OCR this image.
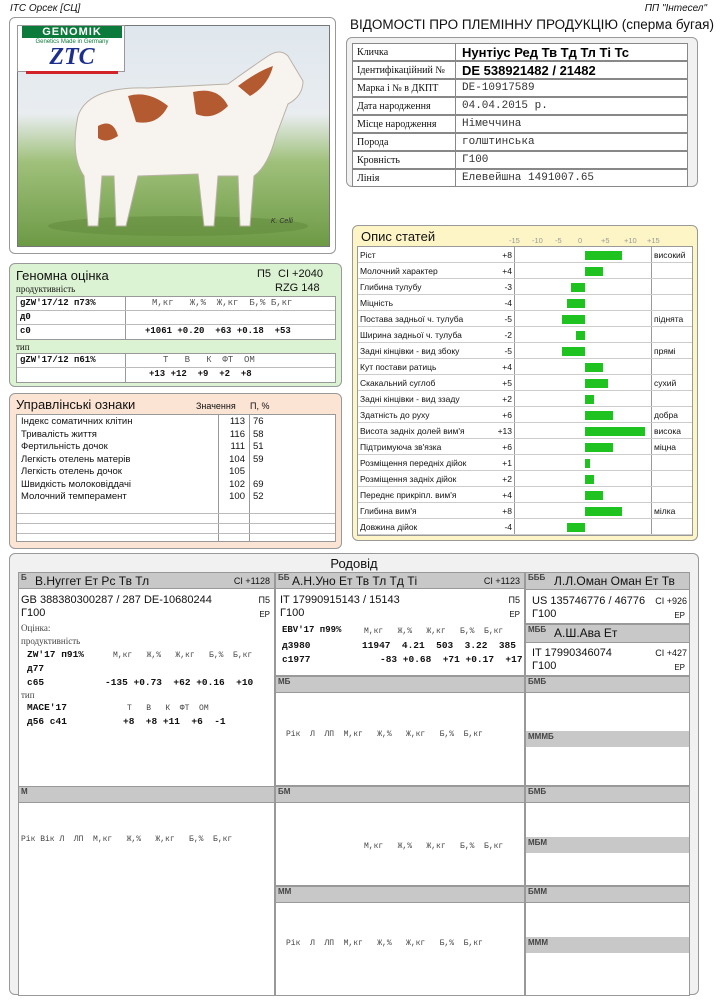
ІТС Орсек [СЦ]	ПП "Інтесел"
K. Celli
GENOMIK
Genetics Made in Germany
ZTC
ВІДОМОСТІ ПРО ПЛЕМІННУ ПРОДУКЦІЮ (сперма бугая)
Кличка	Нунтіус Ред Тв Тд Тл Ті Тс
Ідентифікаційний №	DE 538921482 / 21482
Марка і № в ДКПТ	DE-10917589
Дата народження	04.04.2015 р.
Місце народження	Німеччина
Порода	голштинська
Кровність	Г100
Лінія	Елевейшна 1491007.65
Геномна оцінка	П5 CI +2040
продуктивність	RZG 148
gZW'17/12 п73%	М,кг   Ж,%  Ж,кг  Б,% Б,кг
д0
с0	+1061 +0.20  +63 +0.18  +53
тип
gZW'17/12 п61%	Т   В   К  ФТ  ОМ
+13 +12  +9  +2  +8
Управлінські ознаки	Значення П, %
Індекс соматичних клітин	113 76
Тривалість життя	116 58
Фертильність дочок	111 51
Легкість отелень матерів	104 59
Легкість отелень дочок	105
Швидкість молоковіддачі	102 69
Молочний темперамент	100 52
Опис статей	-15 -10 -5 0	+5 +10 +15
Ріст	+8	високий
Молочний характер	+4
Глибина тулубу	-3
Міцність	-4
Постава задньої ч. тулуба	-5	піднята
Ширина задньої ч. тулуба	-2
Задні кінцівки - вид збоку	-5	прямі
Кут постави ратиць	+4
Скакальний суглоб	+5	сухий
Задні кінцівки - вид ззаду	+2
Здатність до руху	+6	добра
Висота задніх долей вим'я	+13	висока
Підтримуюча зв'язка	+6	міцна
Розміщення передніх дійок	+1
Розміщення задніх дійок	+2
Переднє прикріпл. вим'я	+4
Глибина вим'я	+8	мілка
Довжина дійок	-4
Родовід
Б В.Нуггет Ет Рс Тв Тл	CI +1128
GB 388380300287 / 287 DE-10680244	П5
Г100	ЕР
Оцінка:
продуктивність
ZW'17 п91%	М,кг   Ж,%   Ж,кг   Б,%  Б,кг
д77
с65	-135 +0.73  +62 +0.16  +10
тип
MACE'17	Т   В   К  ФТ  ОМ
д56 с41	+8  +8 +11  +6  -1
ББ А.Н.Уно Ет Тв Тл Тд Ті	CI +1123
IT 17990915143 / 15143	П5
Г100	ЕР
EBV'17 п99%	М,кг   Ж,%   Ж,кг   Б,%  Б,кг
д3980	11947  4.21  503  3.22  385
с1977	-83 +0.68  +71 +0.17  +17
БББ Л.Л.Оман Оман Ет Тв
US 135746776 / 46776 CI +926
Г100	ЕР
МББ А.Ш.Ава Ет
IT 17990346074	CI +427
Г100	ЕР
МБ
Рік  Л  ЛП  М,кг   Ж,%   Ж,кг   Б,%  Б,кг
БМБ
МММБ
М
Рік Вік Л  ЛП  М,кг   Ж,%   Ж,кг   Б,%  Б,кг
БМ
М,кг   Ж,%   Ж,кг   Б,%  Б,кг
БМБ
МБМ
ММ
Рік  Л  ЛП  М,кг   Ж,%   Ж,кг   Б,%  Б,кг
БММ
МММ
